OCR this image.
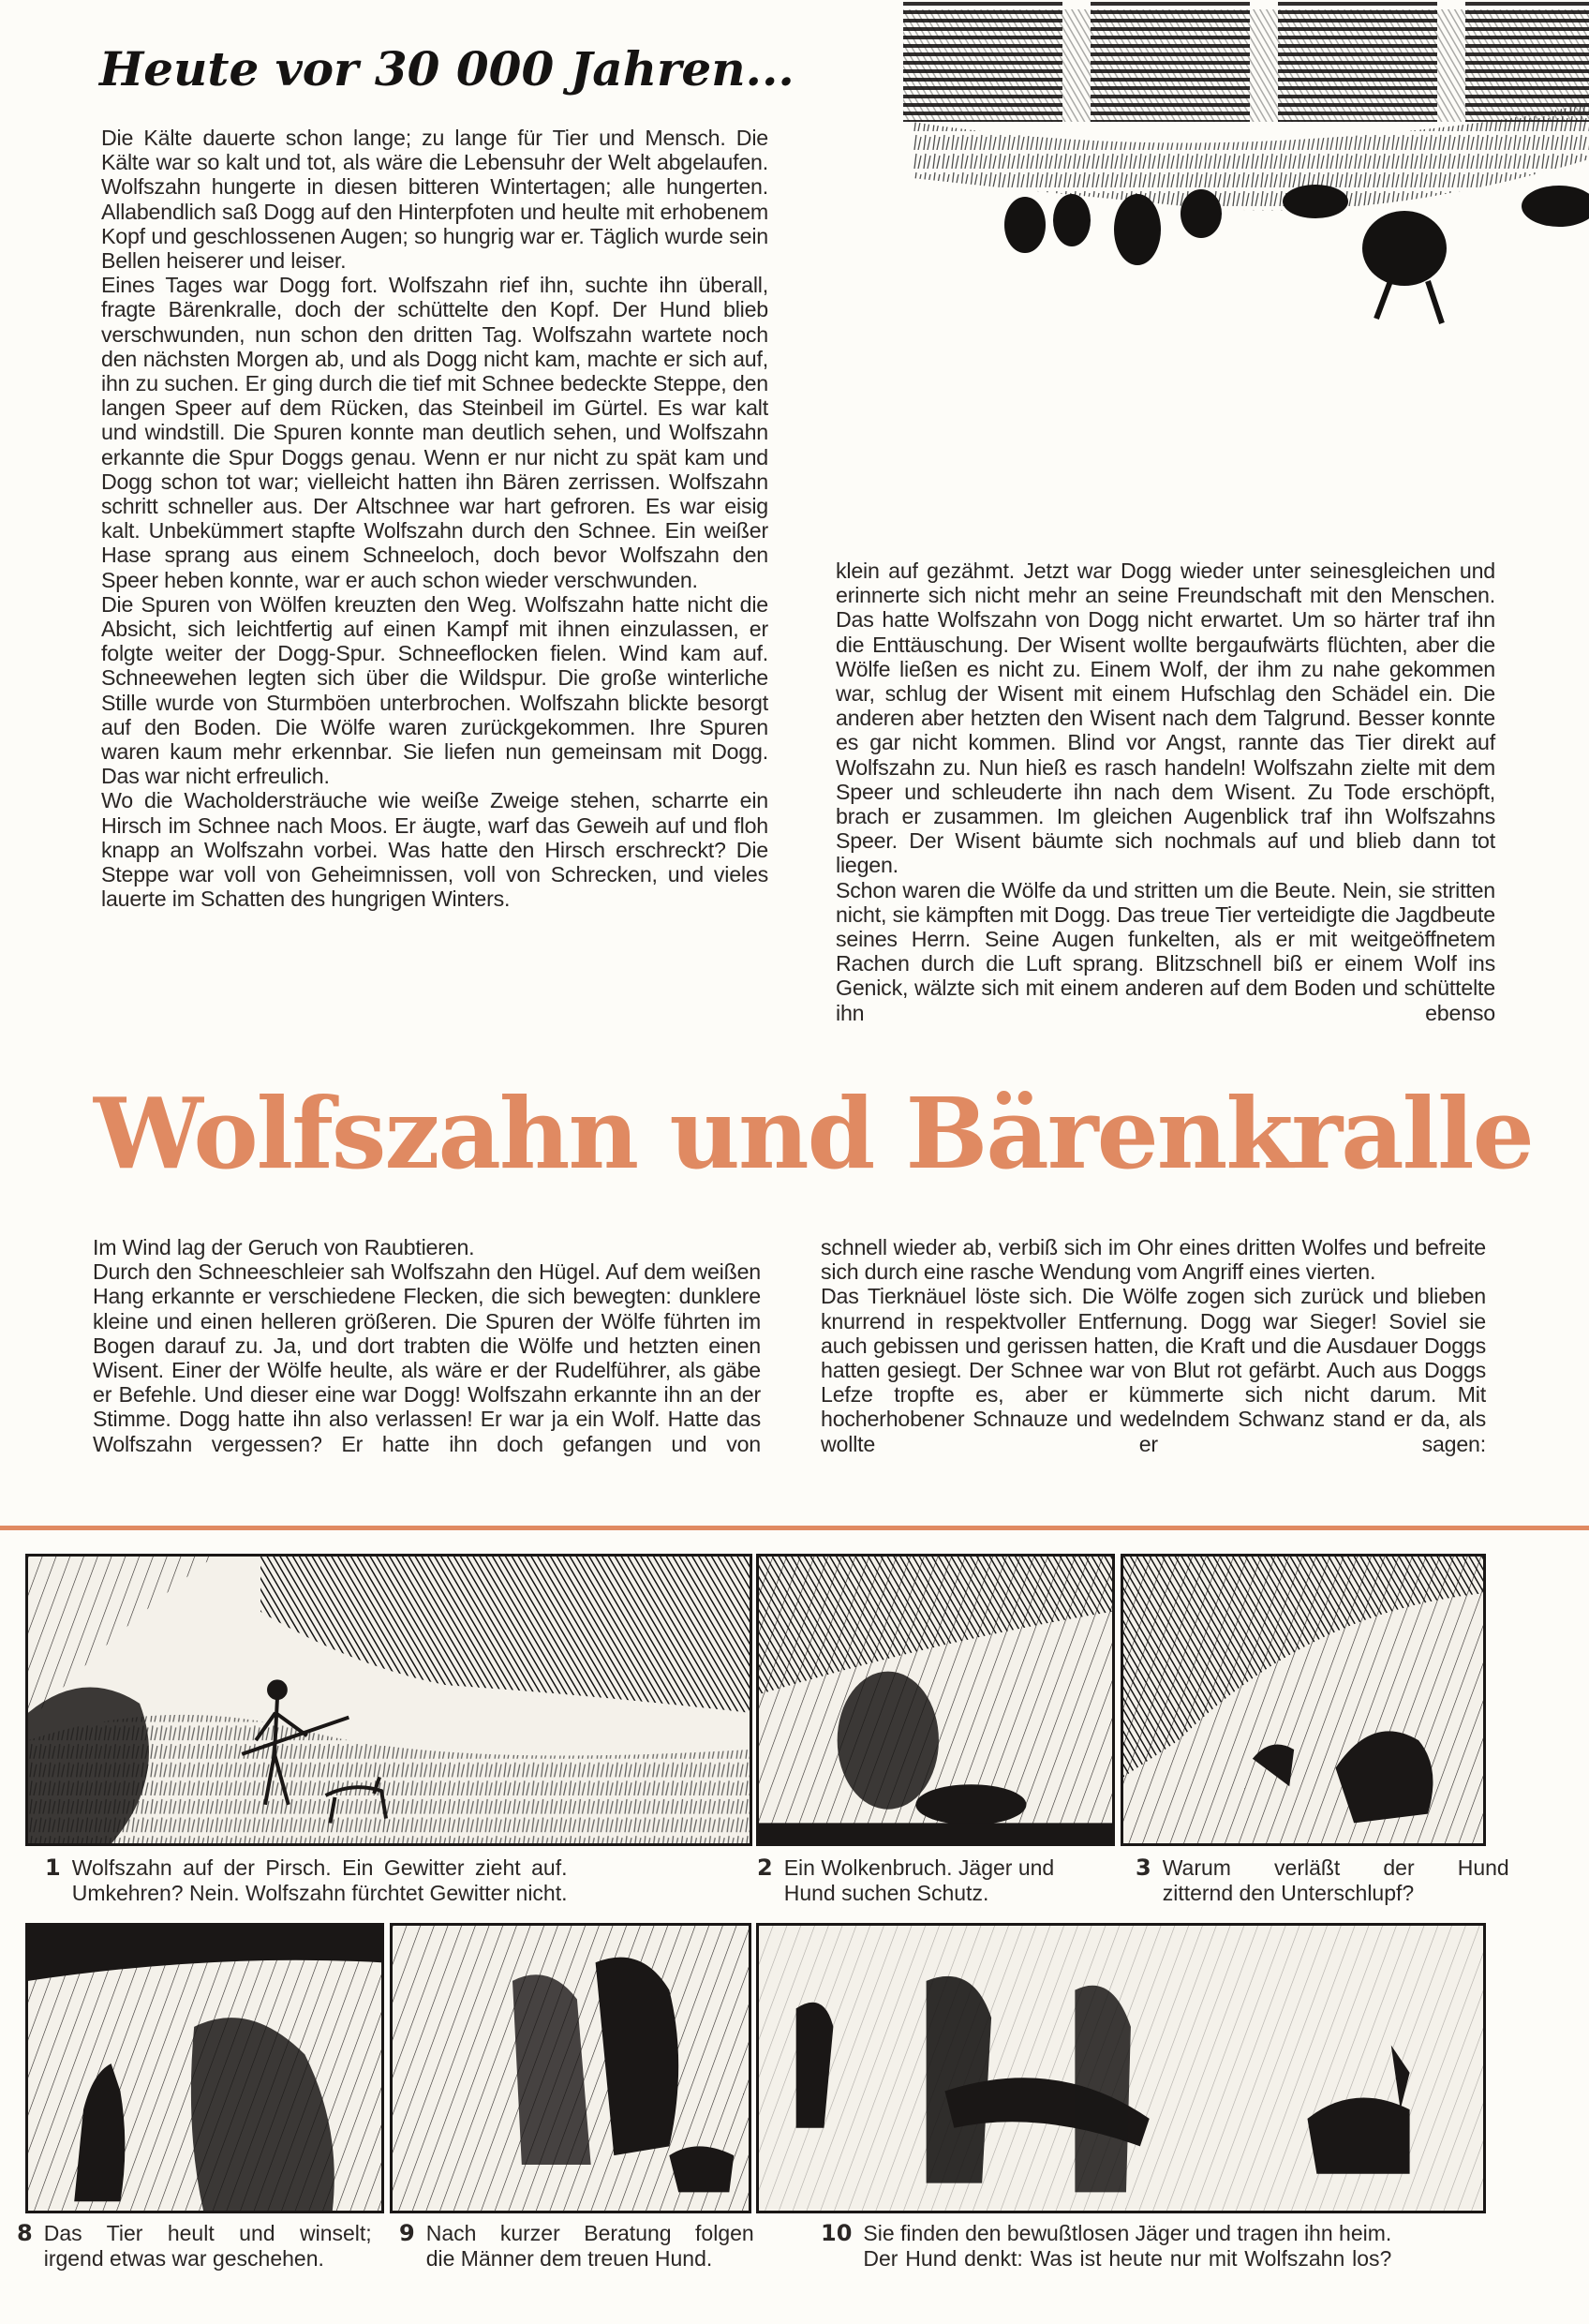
Heute vor 30 000 Jahren...

Die Kälte dauerte schon lange; zu lange für Tier und Mensch. Die Kälte war so kalt und tot, als wäre die Lebensuhr der Welt abgelaufen. Wolfszahn hungerte in diesen bitteren Wintertagen; alle hungerten. Allabendlich saß Dogg auf den Hinterpfoten und heulte mit erhobenem Kopf und geschlossenen Augen; so hungrig war er. Täglich wurde sein Bellen heiserer und leiser.

Eines Tages war Dogg fort. Wolfszahn rief ihn, suchte ihn überall, fragte Bärenkralle, doch der schüttelte den Kopf. Der Hund blieb verschwunden, nun schon den dritten Tag. Wolfszahn wartete noch den nächsten Morgen ab, und als Dogg nicht kam, machte er sich auf, ihn zu suchen. Er ging durch die tief mit Schnee bedeckte Steppe, den langen Speer auf dem Rücken, das Steinbeil im Gürtel. Es war kalt und windstill. Die Spuren konnte man deutlich sehen, und Wolfszahn erkannte die Spur Doggs genau. Wenn er nur nicht zu spät kam und Dogg schon tot war; vielleicht hatten ihn Bären zerrissen. Wolfszahn schritt schneller aus. Der Altschnee war hart gefroren. Es war eisig kalt. Unbekümmert stapfte Wolfszahn durch den Schnee. Ein weißer Hase sprang aus einem Schneeloch, doch bevor Wolfszahn den Speer heben konnte, war er auch schon wieder verschwunden.

Die Spuren von Wölfen kreuzten den Weg. Wolfszahn hatte nicht die Absicht, sich leichtfertig auf einen Kampf mit ihnen einzulassen, er folgte weiter der Dogg-Spur. Schneeflocken fielen. Wind kam auf. Schneewehen legten sich über die Wildspur. Die große winterliche Stille wurde von Sturmböen unterbrochen. Wolfszahn blickte besorgt auf den Boden. Die Wölfe waren zurückgekommen. Ihre Spuren waren kaum mehr erkennbar. Sie liefen nun gemeinsam mit Dogg. Das war nicht erfreulich.

Wo die Wacholdersträuche wie weiße Zweige stehen, scharrte ein Hirsch im Schnee nach Moos. Er äugte, warf das Geweih auf und floh knapp an Wolfszahn vorbei. Was hatte den Hirsch erschreckt? Die Steppe war voll von Geheimnissen, voll von Schrecken, und vieles lauerte im Schatten des hungrigen Winters.

klein auf gezähmt. Jetzt war Dogg wieder unter seinesgleichen und erinnerte sich nicht mehr an seine Freundschaft mit den Menschen. Das hatte Wolfszahn von Dogg nicht erwartet. Um so härter traf ihn die Enttäuschung. Der Wisent wollte bergaufwärts flüchten, aber die Wölfe ließen es nicht zu. Einem Wolf, der ihm zu nahe gekommen war, schlug der Wisent mit einem Hufschlag den Schädel ein. Die anderen aber hetzten den Wisent nach dem Talgrund. Besser konnte es gar nicht kommen. Blind vor Angst, rannte das Tier direkt auf Wolfszahn zu. Nun hieß es rasch handeln! Wolfszahn zielte mit dem Speer und schleuderte ihn nach dem Wisent. Zu Tode erschöpft, brach er zusammen. Im gleichen Augenblick traf ihn Wolfszahns Speer. Der Wisent bäumte sich nochmals auf und blieb dann tot liegen.

Schon waren die Wölfe da und stritten um die Beute. Nein, sie stritten nicht, sie kämpften mit Dogg. Das treue Tier verteidigte die Jagdbeute seines Herrn. Seine Augen funkelten, als er mit weitgeöffnetem Rachen durch die Luft sprang. Blitzschnell biß er einem Wolf ins Genick, wälzte sich mit einem anderen auf dem Boden und schüttelte ihn ebenso

Wolfszahn und Bärenkralle

Im Wind lag der Geruch von Raubtieren.

Durch den Schneeschleier sah Wolfszahn den Hügel. Auf dem weißen Hang erkannte er verschiedene Flecken, die sich bewegten: dunklere kleine und einen helleren größeren. Die Spuren der Wölfe führten im Bogen darauf zu. Ja, und dort trabten die Wölfe und hetzten einen Wisent. Einer der Wölfe heulte, als wäre er der Rudelführer, als gäbe er Befehle. Und dieser eine war Dogg! Wolfszahn erkannte ihn an der Stimme. Dogg hatte ihn also verlassen! Er war ja ein Wolf. Hatte das Wolfszahn vergessen? Er hatte ihn doch gefangen und von

schnell wieder ab, verbiß sich im Ohr eines dritten Wolfes und befreite sich durch eine rasche Wendung vom Angriff eines vierten.

Das Tierknäuel löste sich. Die Wölfe zogen sich zurück und blieben knurrend in respektvoller Entfernung. Dogg war Sieger! Soviel sie auch gebissen und gerissen hatten, die Kraft und die Ausdauer Doggs hatten gesiegt. Der Schnee war von Blut rot gefärbt. Auch aus Doggs Lefze tropfte es, aber er kümmerte sich nicht darum. Mit hocherhobener Schnauze und wedelndem Schwanz stand er da, als wollte er sagen:

1 Wolfszahn auf der Pirsch. Ein Gewitter zieht auf.
Umkehren? Nein. Wolfszahn fürchtet Gewitter nicht.
2 Ein Wolkenbruch. Jäger und
Hund suchen Schutz.
3 Warum verläßt der Hund
zitternd den Unterschlupf?
8 Das Tier heult und winselt;
irgend etwas war geschehen.
9 Nach kurzer Beratung folgen
die Männer dem treuen Hund.
10 Sie finden den bewußtlosen Jäger und tragen ihn heim.
Der Hund denkt: Was ist heute nur mit Wolfszahn los?
